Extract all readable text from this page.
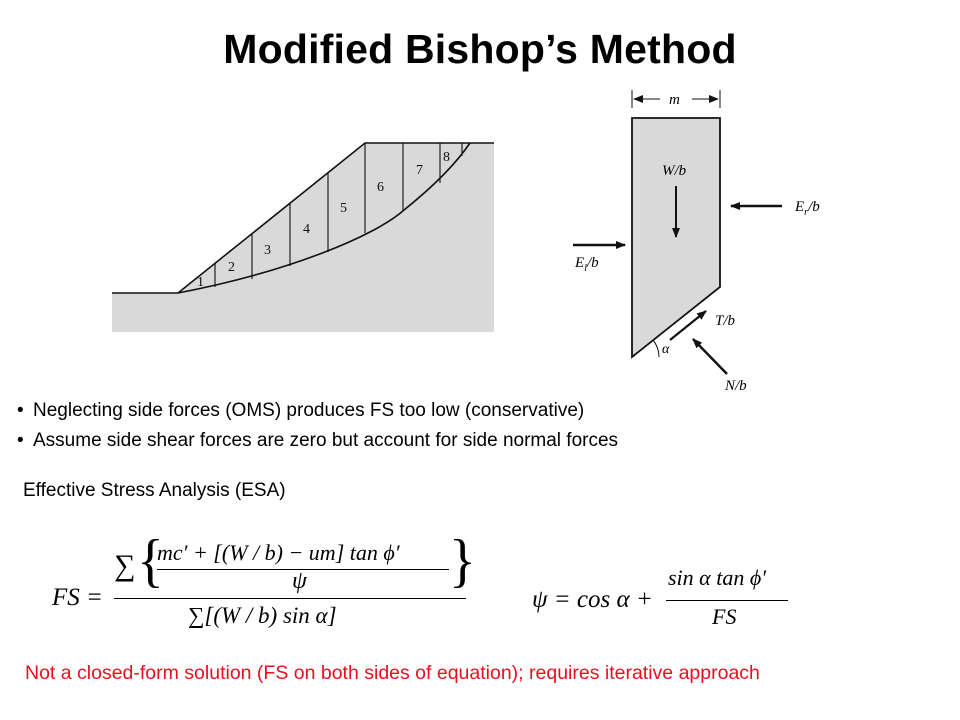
Modified Bishop’s Method
1
2
3
4
5
6
7
8
m
W/b
$E_r/b$
$E_l/b$
T/b
N/b
α
• Neglecting side forces (OMS) produces FS too low (conservative)
• Assume side shear forces are zero but account for side normal forces
Effective Stress Analysis (ESA)
FS =
∑ {
mc′ + [(W / b) − um] tan ϕ′
ψ	}
∑[(W / b) sin α]
ψ = cos α +
sin α tan ϕ′
FS
Not a closed-form solution (FS on both sides of equation); requires iterative approach
